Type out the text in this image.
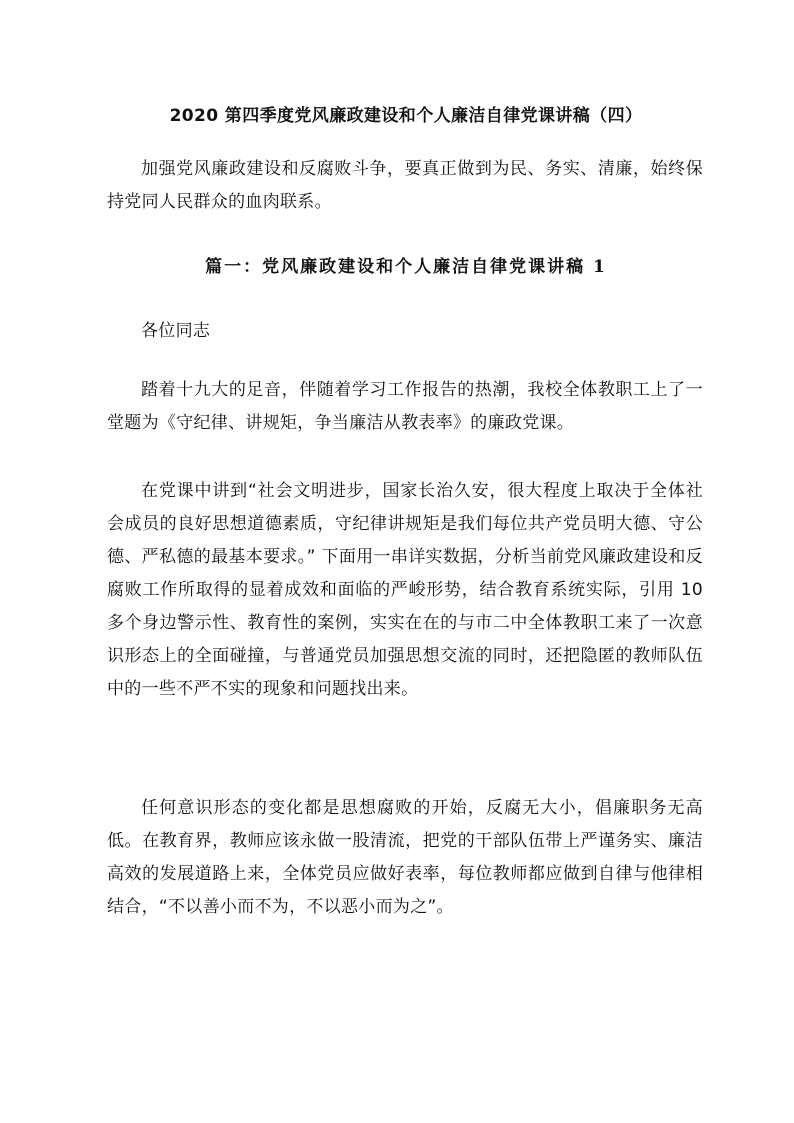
2020 第四季度党风廉政建设和个人廉洁自律党课讲稿（四）

加强党风廉政建设和反腐败斗争，要真正做到为民、务实、清廉，始终保持党同人民群众的血肉联系。

篇一：党风廉政建设和个人廉洁自律党课讲稿 1

各位同志

踏着十九大的足音，伴随着学习工作报告的热潮，我校全体教职工上了一堂题为《守纪律、讲规矩，争当廉洁从教表率》的廉政党课。

在党课中讲到“社会文明进步，国家长治久安，很大程度上取决于全体社会成员的良好思想道德素质，守纪律讲规矩是我们每位共产党员明大德、守公德、严私德的最基本要求。” 下面用一串详实数据，分析当前党风廉政建设和反腐败工作所取得的显着成效和面临的严峻形势，结合教育系统实际，引用 10 多个身边警示性、教育性的案例，实实在在的与市二中全体教职工来了一次意识形态上的全面碰撞，与普通党员加强思想交流的同时，还把隐匿的教师队伍中的一些不严不实的现象和问题找出来。

任何意识形态的变化都是思想腐败的开始，反腐无大小，倡廉职务无高低。在教育界，教师应该永做一股清流，把党的干部队伍带上严谨务实、廉洁高效的发展道路上来，全体党员应做好表率，每位教师都应做到自律与他律相结合，“不以善小而不为，不以恶小而为之”。
